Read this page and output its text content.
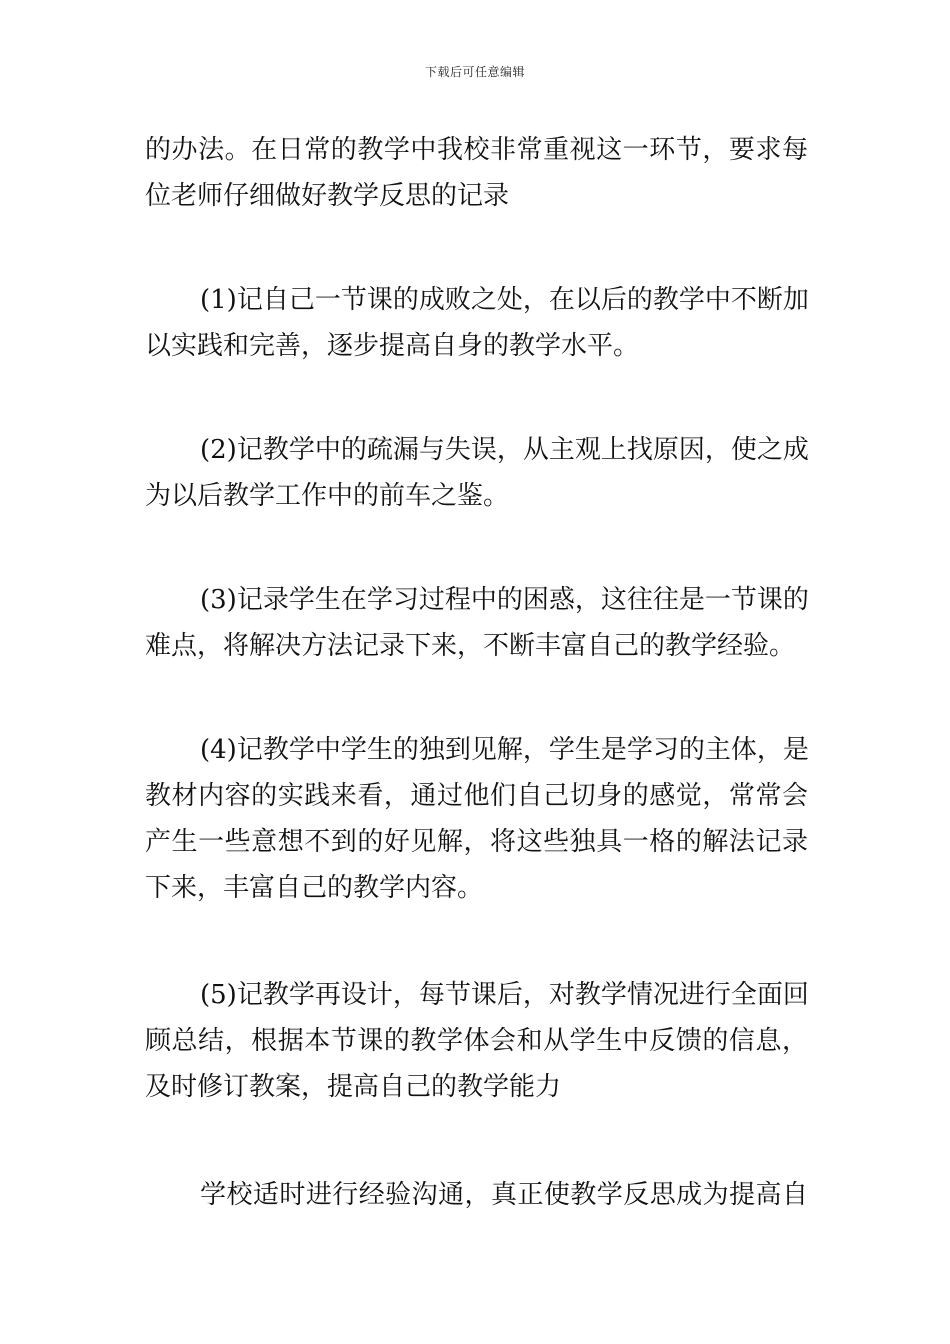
下载后可任意编辑

的办法。在日常的教学中我校非常重视这一环节，要求每
位老师仔细做好教学反思的记录

(1)记自己一节课的成败之处，在以后的教学中不断加
以实践和完善，逐步提高自身的教学水平。

(2)记教学中的疏漏与失误，从主观上找原因，使之成
为以后教学工作中的前车之鉴。

(3)记录学生在学习过程中的困惑，这往往是一节课的
难点，将解决方法记录下来，不断丰富自己的教学经验。

(4)记教学中学生的独到见解，学生是学习的主体，是
教材内容的实践来看，通过他们自己切身的感觉，常常会
产生一些意想不到的好见解，将这些独具一格的解法记录
下来，丰富自己的教学内容。

(5)记教学再设计，每节课后，对教学情况进行全面回
顾总结，根据本节课的教学体会和从学生中反馈的信息，
及时修订教案，提高自己的教学能力

学校适时进行经验沟通，真正使教学反思成为提高自
